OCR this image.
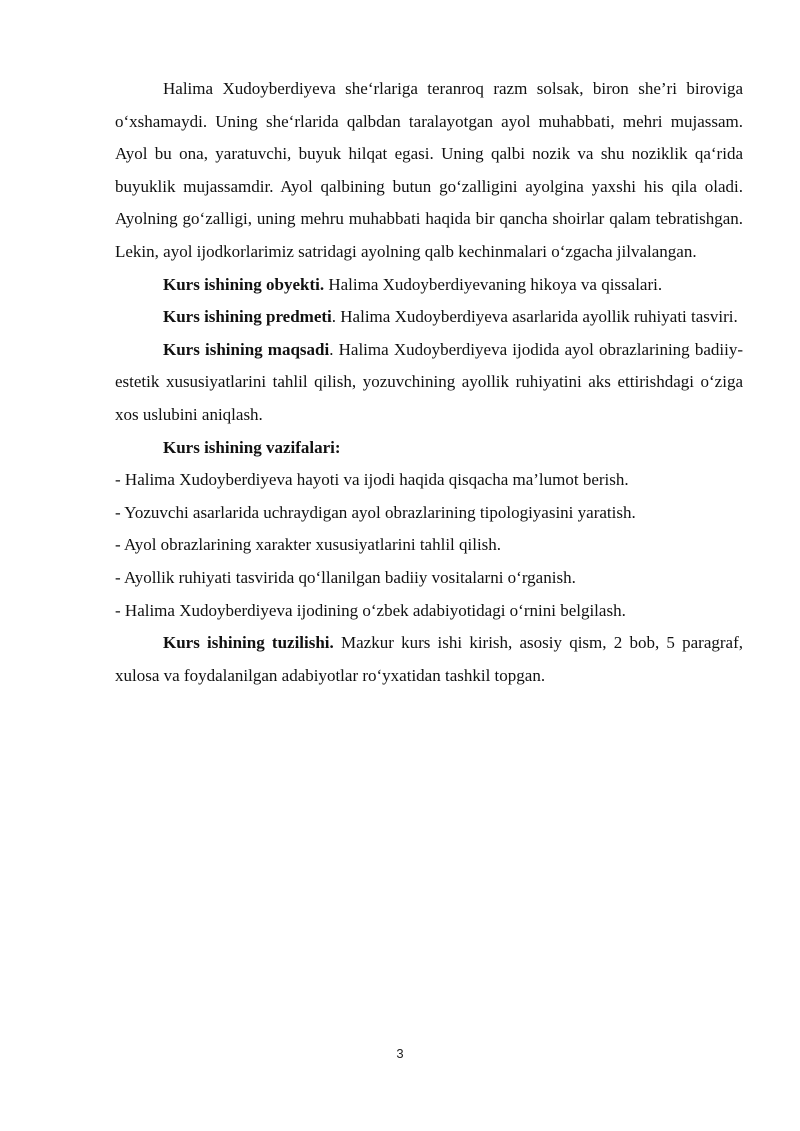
Halima Xudoyberdiyeva she‘rlariga teranroq razm solsak, biron she’ri biroviga o‘xshamaydi. Uning she‘rlarida qalbdan taralayotgan ayol muhabbati, mehri mujassam. Ayol bu ona, yaratuvchi, buyuk hilqat egasi. Uning qalbi nozik va shu noziklik qa‘rida buyuklik mujassamdir. Ayol qalbining butun go‘zalligini ayolgina yaxshi his qila oladi. Ayolning go‘zalligi, uning mehru muhabbati haqida bir qancha shoirlar qalam tebratishgan. Lekin, ayol ijodkorlarimiz satridagi ayolning qalb kechinmalari o‘zgacha jilvalangan.

Kurs ishining obyekti. Halima Xudoyberdiyevaning hikoya va qissalari.

Kurs ishining predmeti. Halima Xudoyberdiyeva asarlarida ayollik ruhiyati tasviri.

Kurs ishining maqsadi. Halima Xudoyberdiyeva ijodida ayol obrazlarining badiiy-estetik xususiyatlarini tahlil qilish, yozuvchining ayollik ruhiyatini aks ettirishdagi o‘ziga xos uslubini aniqlash.

Kurs ishining vazifalari:

- Halima Xudoyberdiyeva hayoti va ijodi haqida qisqacha ma’lumot berish.

- Yozuvchi asarlarida uchraydigan ayol obrazlarining tipologiyasini yaratish.

- Ayol obrazlarining xarakter xususiyatlarini tahlil qilish.

- Ayollik ruhiyati tasvirida qo‘llanilgan badiiy vositalarni o‘rganish.

- Halima Xudoyberdiyeva ijodining o‘zbek adabiyotidagi o‘rnini belgilash.

Kurs ishining tuzilishi. Mazkur kurs ishi kirish, asosiy qism, 2 bob, 5 paragraf, xulosa va foydalanilgan adabiyotlar ro‘yxatidan tashkil topgan.

3
